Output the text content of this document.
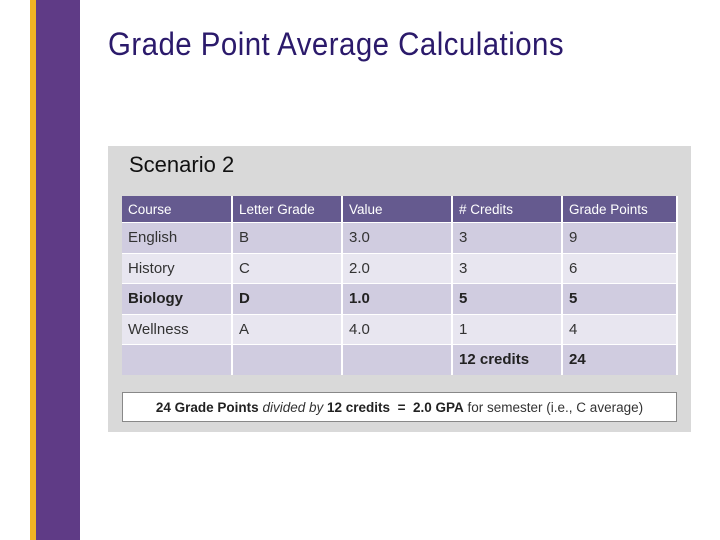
Grade Point Average Calculations
Scenario 2
Course	Letter Grade	Value	# Credits	Grade Points
English	B	3.0	3	9
History	C	2.0	3	6
Biology	D	1.0	5	5
Wellness	A	4.0	1	4
			12 credits	24
24 Grade Points
divided by
12 credits
=
2.0 GPA
for semester (i.e., C average)
